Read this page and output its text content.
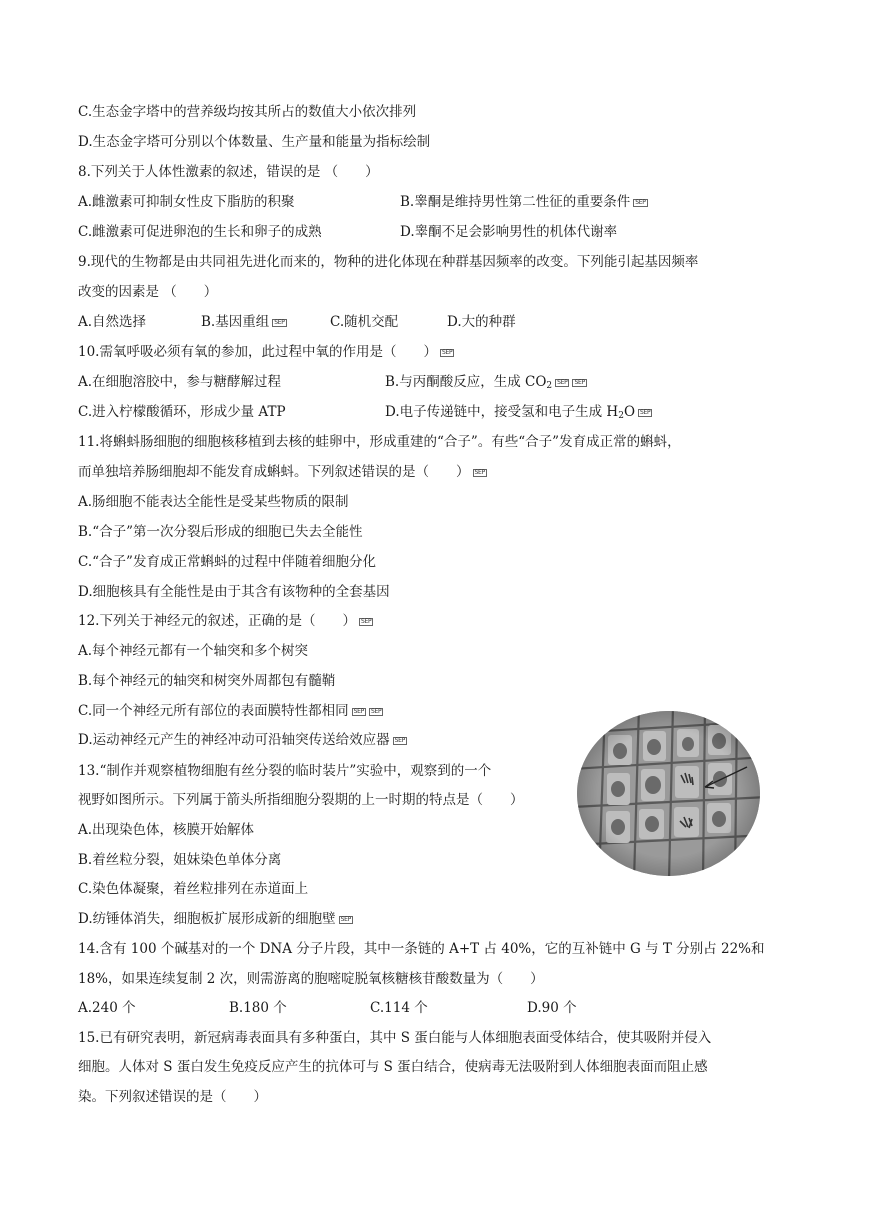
C.生态金字塔中的营养级均按其所占的数值大小依次排列
D.生态金字塔可分别以个体数量、生产量和能量为指标绘制
8.下列关于人体性激素的叙述，错误的是 （　　）
A.雌激素可抑制女性皮下脂肪的积聚	B.睾酮是维持男性第二性征的重要条件 SEP
C.雌激素可促进卵泡的生长和卵子的成熟	D.睾酮不足会影响男性的机体代谢率
9.现代的生物都是由共同祖先进化而来的，物种的进化体现在种群基因频率的改变。下列能引起基因频率
改变的因素是 （　　）
A.自然选择	B.基因重组 SEP	C.随机交配	D.大的种群
10.需氧呼吸必须有氧的参加，此过程中氧的作用是（　　） SEP
A.在细胞溶胶中，参与糖酵解过程	B.与丙酮酸反应，生成 $CO_2$ SEP SEP
C.进入柠檬酸循环，形成少量 ATP	D.电子传递链中，接受氢和电子生成 $H_2O$ SEP
11.将蝌蚪肠细胞的细胞核移植到去核的蛙卵中，形成重建的“合子”。有些“合子”发育成正常的蝌蚪，
而单独培养肠细胞却不能发育成蝌蚪。下列叙述错误的是（　　） SEP
A.肠细胞不能表达全能性是受某些物质的限制
B.“合子”第一次分裂后形成的细胞已失去全能性
C.“合子”发育成正常蝌蚪的过程中伴随着细胞分化
D.细胞核具有全能性是由于其含有该物种的全套基因
12.下列关于神经元的叙述，正确的是（　　） SEP
A.每个神经元都有一个轴突和多个树突
B.每个神经元的轴突和树突外周都包有髓鞘
C.同一个神经元所有部位的表面膜特性都相同 SEP SEP
D.运动神经元产生的神经冲动可沿轴突传送给效应器 SEP
13.“制作并观察植物细胞有丝分裂的临时装片”实验中，观察到的一个
视野如图所示。下列属于箭头所指细胞分裂期的上一时期的特点是（　　）
A.出现染色体，核膜开始解体
B.着丝粒分裂，姐妹染色单体分离
C.染色体凝聚，着丝粒排列在赤道面上
D.纺锤体消失，细胞板扩展形成新的细胞壁 SEP
14.含有 100 个碱基对的一个 DNA 分子片段，其中一条链的 A+T 占 40%，它的互补链中 G 与 T 分别占 22%和
18%，如果连续复制 2 次，则需游离的胞嘧啶脱氧核糖核苷酸数量为（　　）
A.240 个	B.180 个	C.114 个	D.90 个
15.已有研究表明，新冠病毒表面具有多种蛋白，其中 S 蛋白能与人体细胞表面受体结合，使其吸附并侵入
细胞。人体对 S 蛋白发生免疫反应产生的抗体可与 S 蛋白结合，使病毒无法吸附到人体细胞表面而阻止感
染。下列叙述错误的是（　　）
